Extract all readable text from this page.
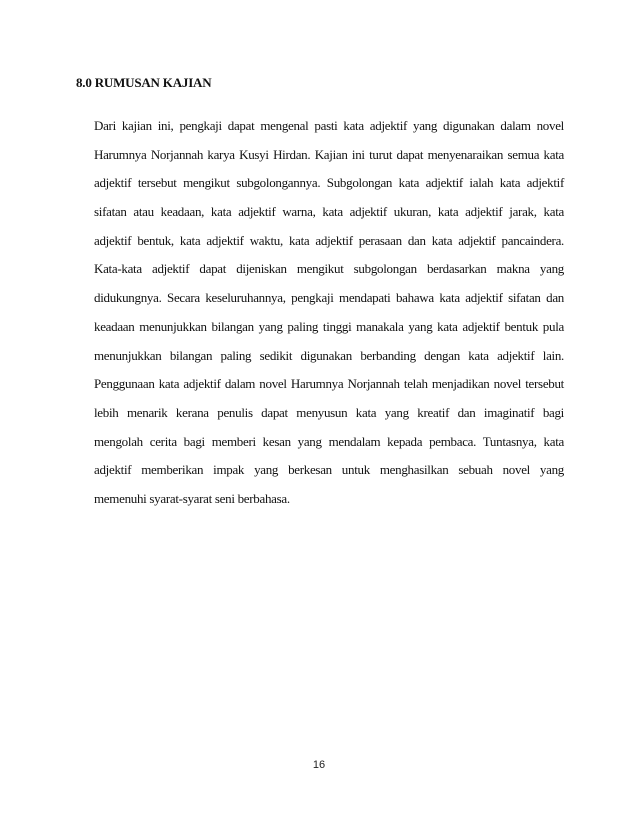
8.0 RUMUSAN KAJIAN
Dari kajian ini, pengkaji dapat mengenal pasti kata adjektif yang digunakan dalam novel
Harumnya Norjannah karya Kusyi Hirdan. Kajian ini turut dapat menyenaraikan semua kata
adjektif tersebut mengikut subgolongannya. Subgolongan kata adjektif ialah kata adjektif
sifatan atau keadaan, kata adjektif warna, kata adjektif ukuran, kata adjektif jarak, kata
adjektif bentuk, kata adjektif waktu, kata adjektif perasaan dan kata adjektif pancaindera.
Kata-kata adjektif dapat dijeniskan mengikut subgolongan berdasarkan makna yang
didukungnya. Secara keseluruhannya, pengkaji mendapati bahawa kata adjektif sifatan dan
keadaan menunjukkan bilangan yang paling tinggi manakala yang kata adjektif bentuk pula
menunjukkan bilangan paling sedikit digunakan berbanding dengan kata adjektif lain.
Penggunaan kata adjektif dalam novel Harumnya Norjannah telah menjadikan novel tersebut
lebih menarik kerana penulis dapat menyusun kata yang kreatif dan imaginatif bagi
mengolah cerita bagi memberi kesan yang mendalam kepada pembaca. Tuntasnya, kata
adjektif memberikan impak yang berkesan untuk menghasilkan sebuah novel yang
memenuhi syarat-syarat seni berbahasa.
16
